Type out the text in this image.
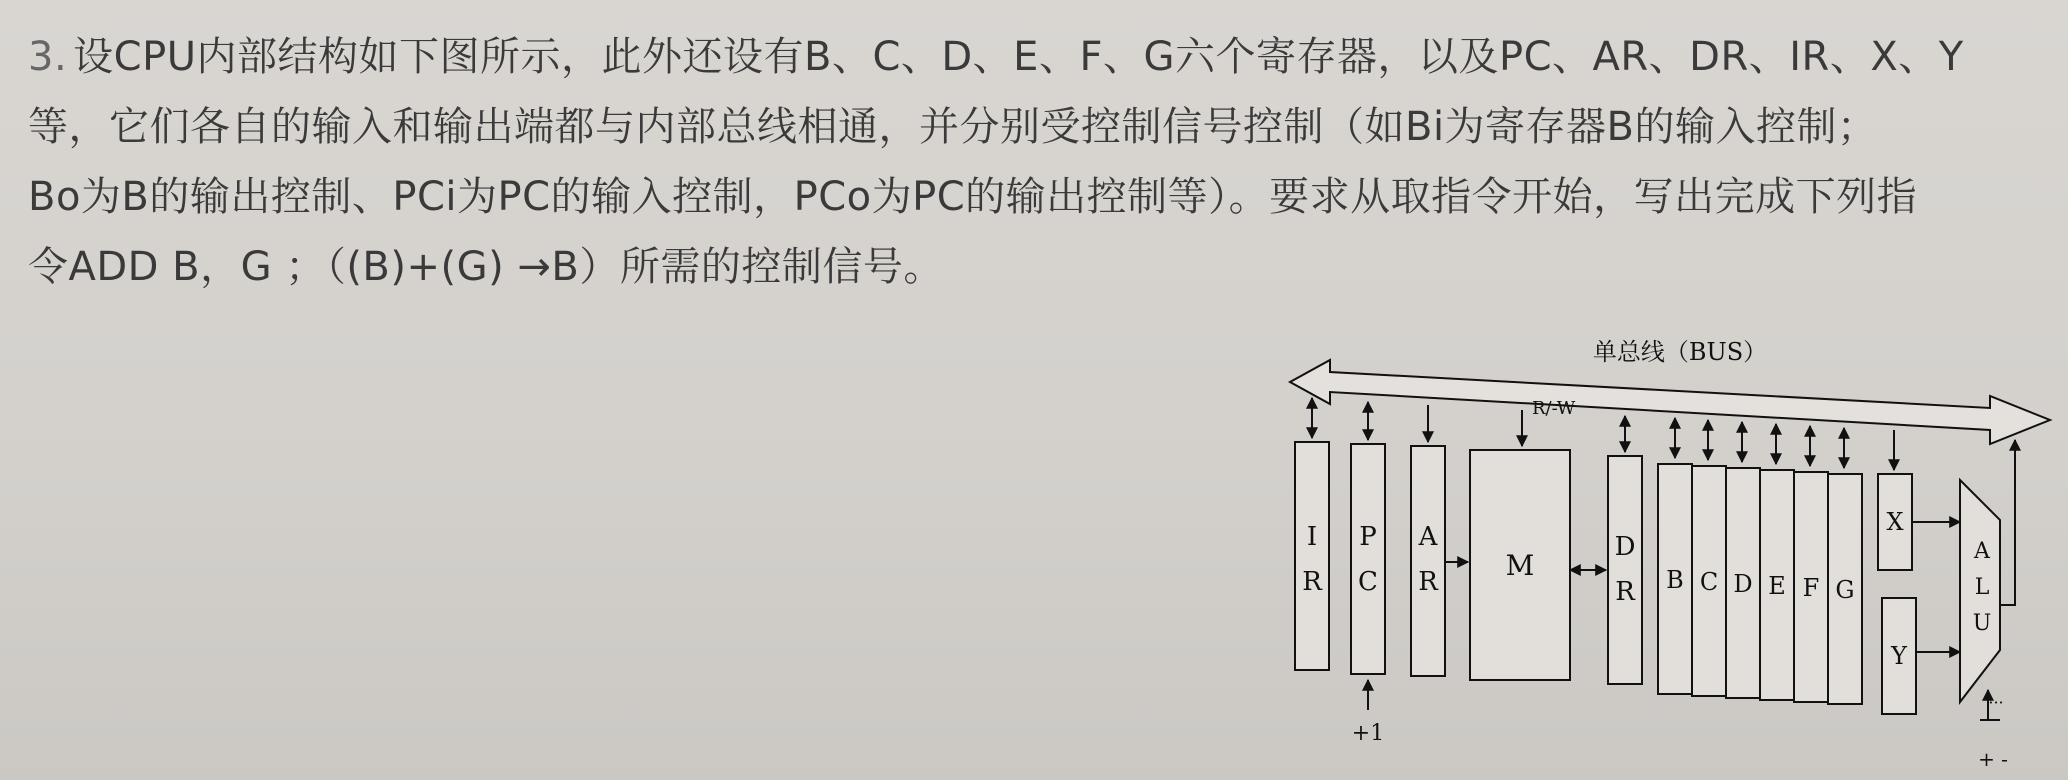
3. 设CPU内部结构如下图所示，此外还设有B、C、D、E、F、G六个寄存器，以及PC、AR、DR、IR、X、Y
等，它们各自的输入和输出端都与内部总线相通，并分别受控制信号控制（如Bi为寄存器B的输入控制；
Bo为B的输出控制、PCi为PC的输入控制，PCo为PC的输出控制等）。要求从取指令开始，写出完成下列指
令ADD B，G ；（(B)+(G) →B）所需的控制信号。
单总线（BUS）
R/-W
I
R
P
C
+1
A
R M
D
R B C D E F G
X
Y
A
L
U
···
+ -
